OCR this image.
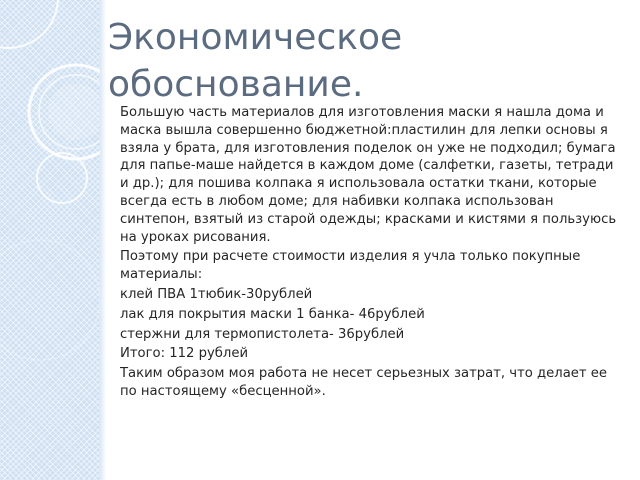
Экономическое обоснование.

Большую часть материалов для изготовления маски я нашла дома и маска вышла совершенно бюджетной:пластилин для лепки основы я взяла у брата, для изготовления поделок он уже не подходил; бумага для папье-маше найдется в каждом доме (салфетки, газеты, тетради и др.); для пошива колпака я использовала остатки ткани, которые всегда есть в любом доме; для набивки колпака использован синтепон, взятый из старой одежды; красками и кистями я пользуюсь на уроках рисования.

Поэтому при расчете стоимости изделия я учла только покупные материалы:

клей ПВА 1тюбик-30рублей

лак для покрытия маски 1 банка- 46рублей

стержни для термопистолета- 36рублей

Итого: 112 рублей

Таким образом моя работа не несет серьезных затрат, что делает ее по настоящему «бесценной».
